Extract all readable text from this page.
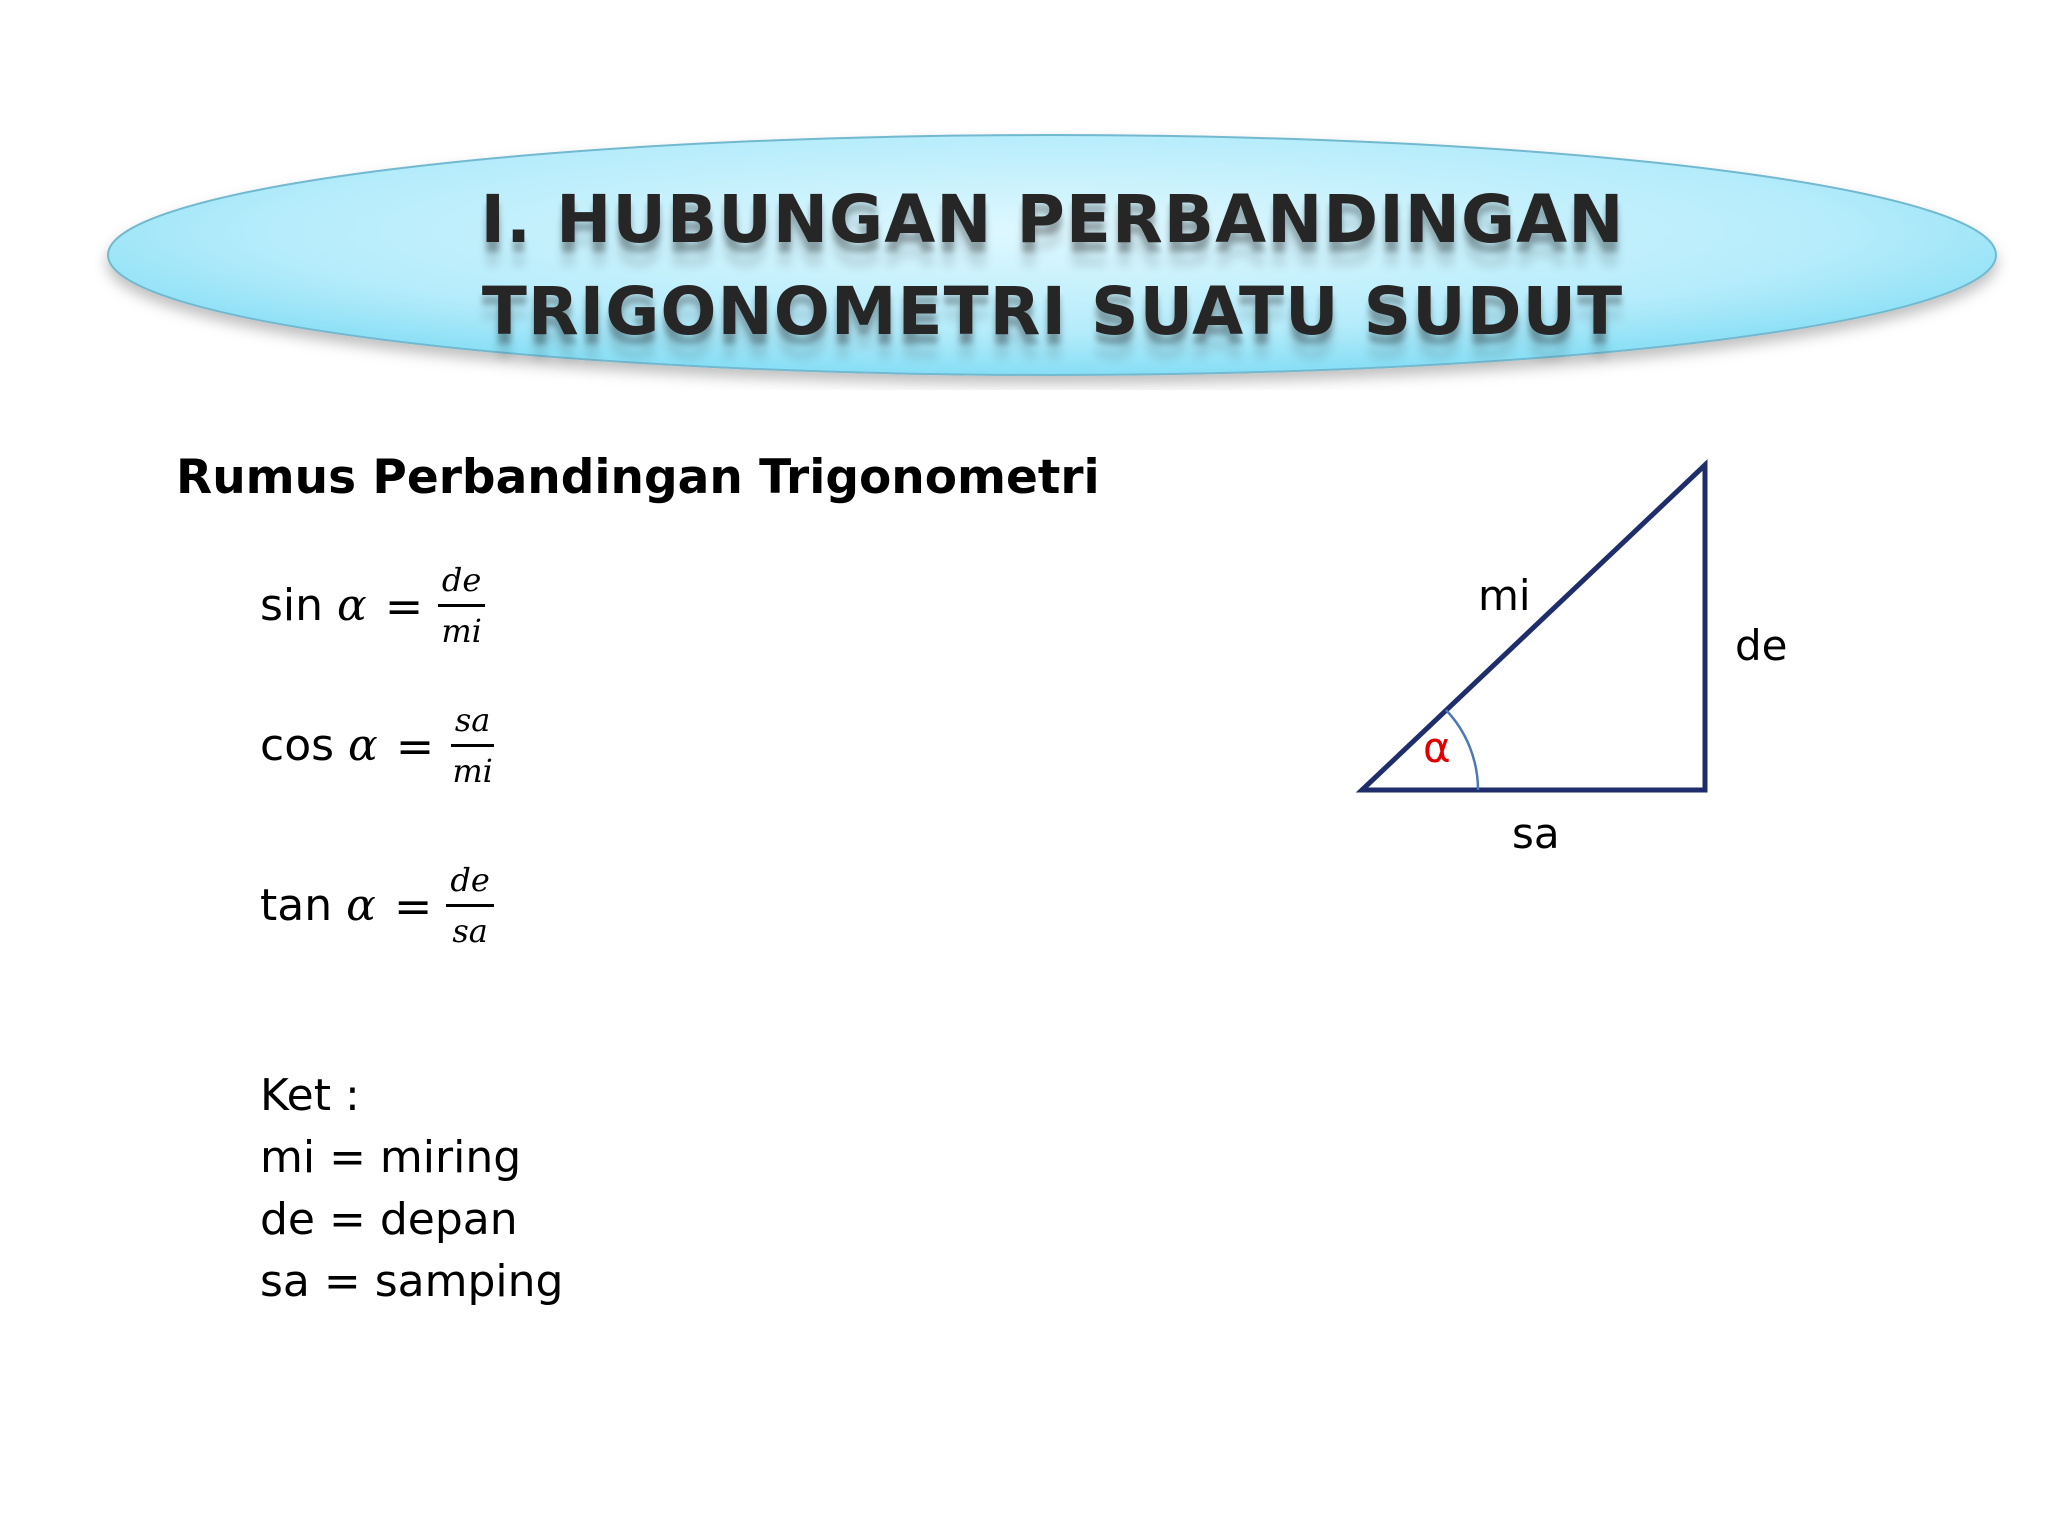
I. HUBUNGAN PERBANDINGAN
TRIGONOMETRI SUATU SUDUT
Rumus Perbandingan Trigonometri
$\sin \alpha = \frac{de}{mi}$
$\cos \alpha = \frac{sa}{mi}$
$\tan \alpha = \frac{de}{sa}$
Ket :
mi = miring
de = depan
sa = samping
mi
de
sa
α
